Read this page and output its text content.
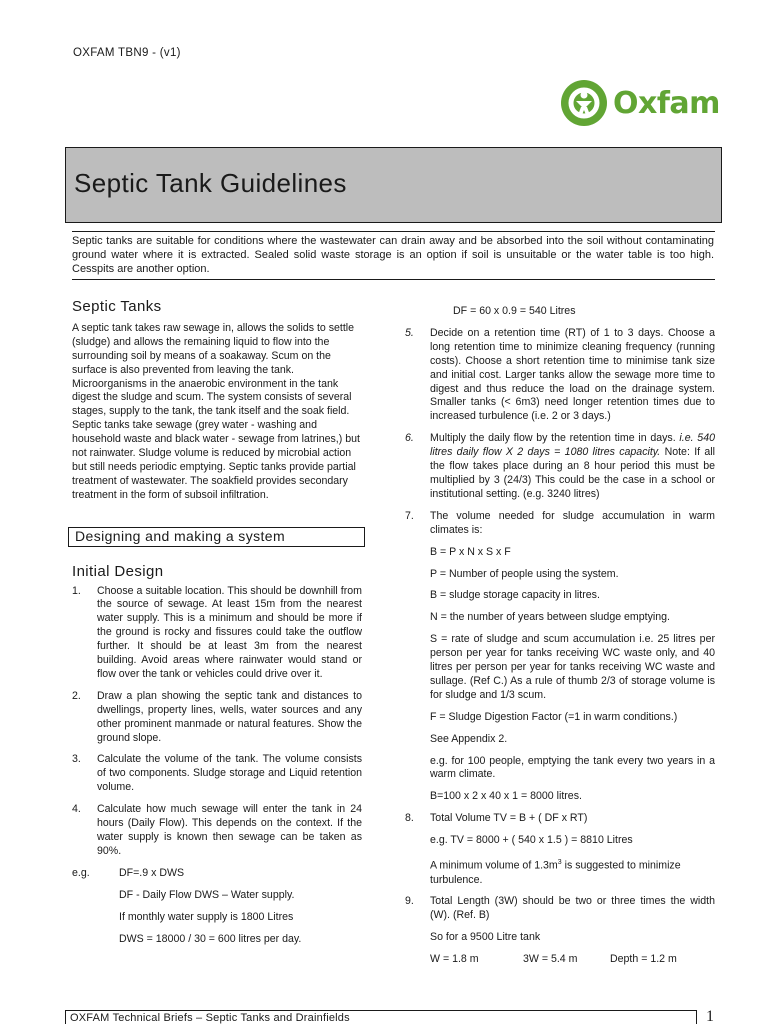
OXFAM TBN9 - (v1)
Oxfam
Septic Tank Guidelines
Septic tanks are suitable for conditions where the wastewater can drain away and be absorbed into the soil without contaminating ground water where it is extracted. Sealed solid waste storage is an option if soil is unsuitable or the water table is too high. Cesspits are another option.
Septic Tanks

A septic tank takes raw sewage in, allows the solids to settle (sludge) and allows the remaining liquid to flow into the surrounding soil by means of a soakaway. Scum on the surface is also prevented from leaving the tank. Microorganisms in the anaerobic environment in the tank digest the sludge and scum. The system consists of several stages, supply to the tank, the tank itself and the soak field. Septic tanks take sewage (grey water - washing and household waste and black water - sewage from latrines,) but not rainwater. Sludge volume is reduced by microbial action but still needs periodic emptying. Septic tanks provide partial treatment of wastewater. The soakfield provides secondary treatment in the form of subsoil infiltration.

Designing and making a system
Initial Design
1.	Choose a suitable location. This should be downhill from the source of sewage. At least 15m from the nearest water supply. This is a minimum and should be more if the ground is rocky and fissures could take the outflow further. It should be at least 3m from the nearest building. Avoid areas where rainwater would stand or flow over the tank or vehicles could drive over it.
2.	Draw a plan showing the septic tank and distances to dwellings, property lines, wells, water sources and any other prominent manmade or natural features. Show the ground slope.
3.	Calculate the volume of the tank. The volume consists of two components. Sludge storage and Liquid retention volume.
4.	Calculate how much sewage will enter the tank in 24 hours (Daily Flow). This depends on the context. If the water supply is known then sewage can be taken as 90%.
e.g.	DF=.9 x DWS
DF - Daily Flow DWS – Water supply.
If monthly water supply is 1800 Litres
DWS = 18000 / 30 = 600 litres per day.
DF = 60 x 0.9 = 540 Litres
5.	Decide on a retention time (RT) of 1 to 3 days. Choose a long retention time to minimize cleaning frequency (running costs). Choose a short retention time to minimise tank size and initial cost. Larger tanks allow the sewage more time to digest and thus reduce the load on the drainage system. Smaller tanks (< 6m3) need longer retention times due to increased turbulence (i.e. 2 or 3 days.)
6.	Multiply the daily flow by the retention time in days. i.e. 540 litres daily flow X 2 days = 1080 litres capacity. Note: If all the flow takes place during an 8 hour period this must be multiplied by 3 (24/3) This could be the case in a school or institutional setting. (e.g. 3240 litres)
7.	The volume needed for sludge accumulation in warm climates is:
B = P x N x S x F
P = Number of people using the system.
B = sludge storage capacity in litres.
N = the number of years between sludge emptying.
S = rate of sludge and scum accumulation i.e. 25 litres per person per year for tanks receiving WC waste only, and 40 litres per person per year for tanks receiving WC waste and sullage. (Ref C.) As a rule of thumb 2/3 of storage volume is for sludge and 1/3 scum.
F = Sludge Digestion Factor (=1 in warm conditions.)
See Appendix 2.
e.g. for 100 people, emptying the tank every two years in a warm climate.
B=100 x 2 x 40 x 1 = 8000 litres.
8.	Total Volume TV = B + ( DF x RT)
e.g. TV = 8000 + ( 540 x 1.5 ) = 8810 Litres
A minimum volume of $1.3m^3$ is suggested to minimize turbulence.
9.	Total Length (3W) should be two or three times the width (W). (Ref. B)
So for a 9500 Litre tank
W = 1.8 m	3W = 5.4 m	Depth = 1.2 m
OXFAM Technical Briefs – Septic Tanks and Drainfields	1
